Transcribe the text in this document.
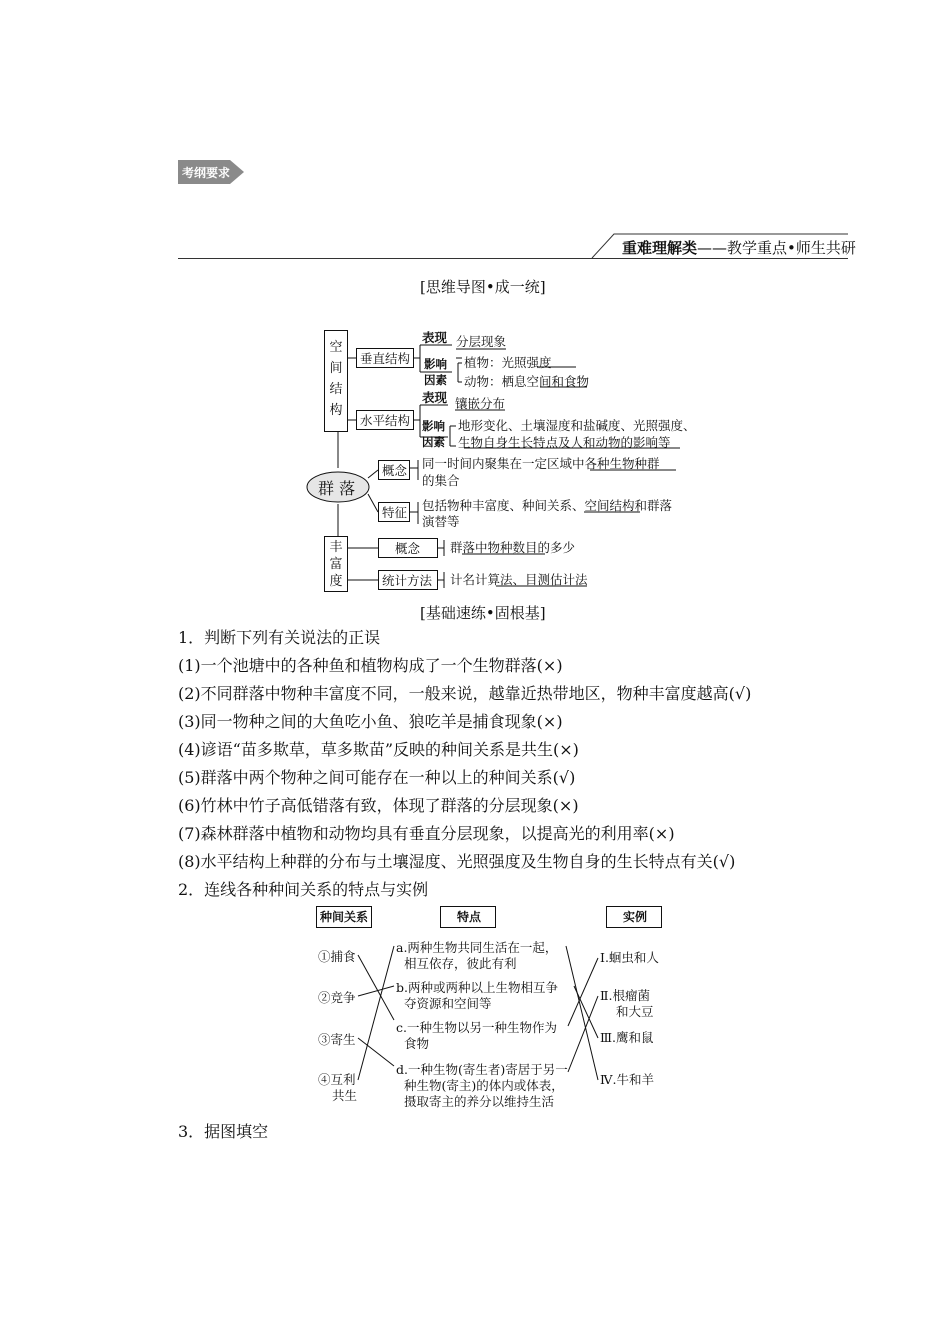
考纲要求
重难理解类——教学重点•师生共研
[思维导图•成一统]
空间结构
垂直结构
表现
影响
因素
分层现象
植物：光照强度
动物：栖息空间和食物
水平结构
表现 镶嵌分布
影响
因素
地形变化、土壤湿度和盐碱度、光照强度、
生物自身生长特点及人和动物的影响等
群 落
概念 同一时间内聚集在一定区域中各种生物种群
的集合
特征 包括物种丰富度、种间关系、空间结构和群落
演替等
丰富度
概念 群落中物种数目的多少
统计方法 计名计算法、目测估计法
[基础速练•固根基]
1．判断下列有关说法的正误
(1)一个池塘中的各种鱼和植物构成了一个生物群落(×)
(2)不同群落中物种丰富度不同，一般来说，越靠近热带地区，物种丰富度越高(√)
(3)同一物种之间的大鱼吃小鱼、狼吃羊是捕食现象(×)
(4)谚语“苗多欺草，草多欺苗”反映的种间关系是共生(×)
(5)群落中两个物种之间可能存在一种以上的种间关系(√)
(6)竹林中竹子高低错落有致，体现了群落的分层现象(×)
(7)森林群落中植物和动物均具有垂直分层现象，以提高光的利用率(×)
(8)水平结构上种群的分布与土壤湿度、光照强度及生物自身的生长特点有关(√)
2．连线各种种间关系的特点与实例
种间关系	特点	实例
①捕食
②竞争
③寄生
④互利
共生
a.两种生物共同生活在一起，
相互依存，彼此有利
b.两种或两种以上生物相互争
夺资源和空间等
c.一种生物以另一种生物作为
食物
d.一种生物(寄生者)寄居于另一
种生物(寄主)的体内或体表，
摄取寄主的养分以维持生活
Ⅰ.蛔虫和人
Ⅱ.根瘤菌
和大豆
Ⅲ.鹰和鼠
Ⅳ.牛和羊
3．据图填空
